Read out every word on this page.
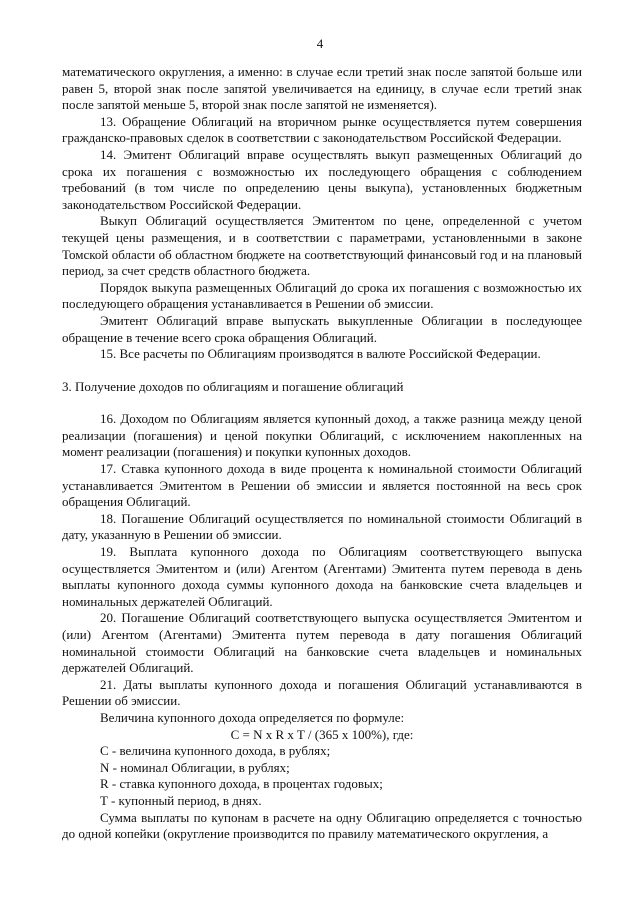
4

математического округления, а именно: в случае если третий знак после запятой больше или равен 5, второй знак после запятой увеличивается на единицу, в случае если третий знак после запятой меньше 5, второй знак после запятой не изменяется).

13. Обращение Облигаций на вторичном рынке осуществляется путем совершения гражданско-правовых сделок в соответствии с законодательством Российской Федерации.

14. Эмитент Облигаций вправе осуществлять выкуп размещенных Облигаций до срока их погашения с возможностью их последующего обращения с соблюдением требований (в том числе по определению цены выкупа), установленных бюджетным законодательством Российской Федерации.

Выкуп Облигаций осуществляется Эмитентом по цене, определенной с учетом текущей цены размещения, и в соответствии с параметрами, установленными в законе Томской области об областном бюджете на соответствующий финансовый год и на плановый период, за счет средств областного бюджета.

Порядок выкупа размещенных Облигаций до срока их погашения с возможностью их последующего обращения устанавливается в Решении об эмиссии.

Эмитент Облигаций вправе выпускать выкупленные Облигации в последующее обращение в течение всего срока обращения Облигаций.

15. Все расчеты по Облигациям производятся в валюте Российской Федерации.

3. Получение доходов по облигациям и погашение облигаций

16. Доходом по Облигациям является купонный доход, а также разница между ценой реализации (погашения) и ценой покупки Облигаций, с исключением накопленных на момент реализации (погашения) и покупки купонных доходов.

17. Ставка купонного дохода в виде процента к номинальной стоимости Облигаций устанавливается Эмитентом в Решении об эмиссии и является постоянной на весь срок обращения Облигаций.

18. Погашение Облигаций осуществляется по номинальной стоимости Облигаций в дату, указанную в Решении об эмиссии.

19. Выплата купонного дохода по Облигациям соответствующего выпуска осуществляется Эмитентом и (или) Агентом (Агентами) Эмитента путем перевода в день выплаты купонного дохода суммы купонного дохода на банковские счета владельцев и номинальных держателей Облигаций.

20. Погашение Облигаций соответствующего выпуска осуществляется Эмитентом и (или) Агентом (Агентами) Эмитента путем перевода в дату погашения Облигаций номинальной стоимости Облигаций на банковские счета владельцев и номинальных держателей Облигаций.

21. Даты выплаты купонного дохода и погашения Облигаций устанавливаются в Решении об эмиссии.

Величина купонного дохода определяется по формуле:

C = N x R x T / (365 x 100%), где:

C - величина купонного дохода, в рублях;

N - номинал Облигации, в рублях;

R - ставка купонного дохода, в процентах годовых;

T - купонный период, в днях.

Сумма выплаты по купонам в расчете на одну Облигацию определяется с точностью до одной копейки (округление производится по правилу математического округления, а
